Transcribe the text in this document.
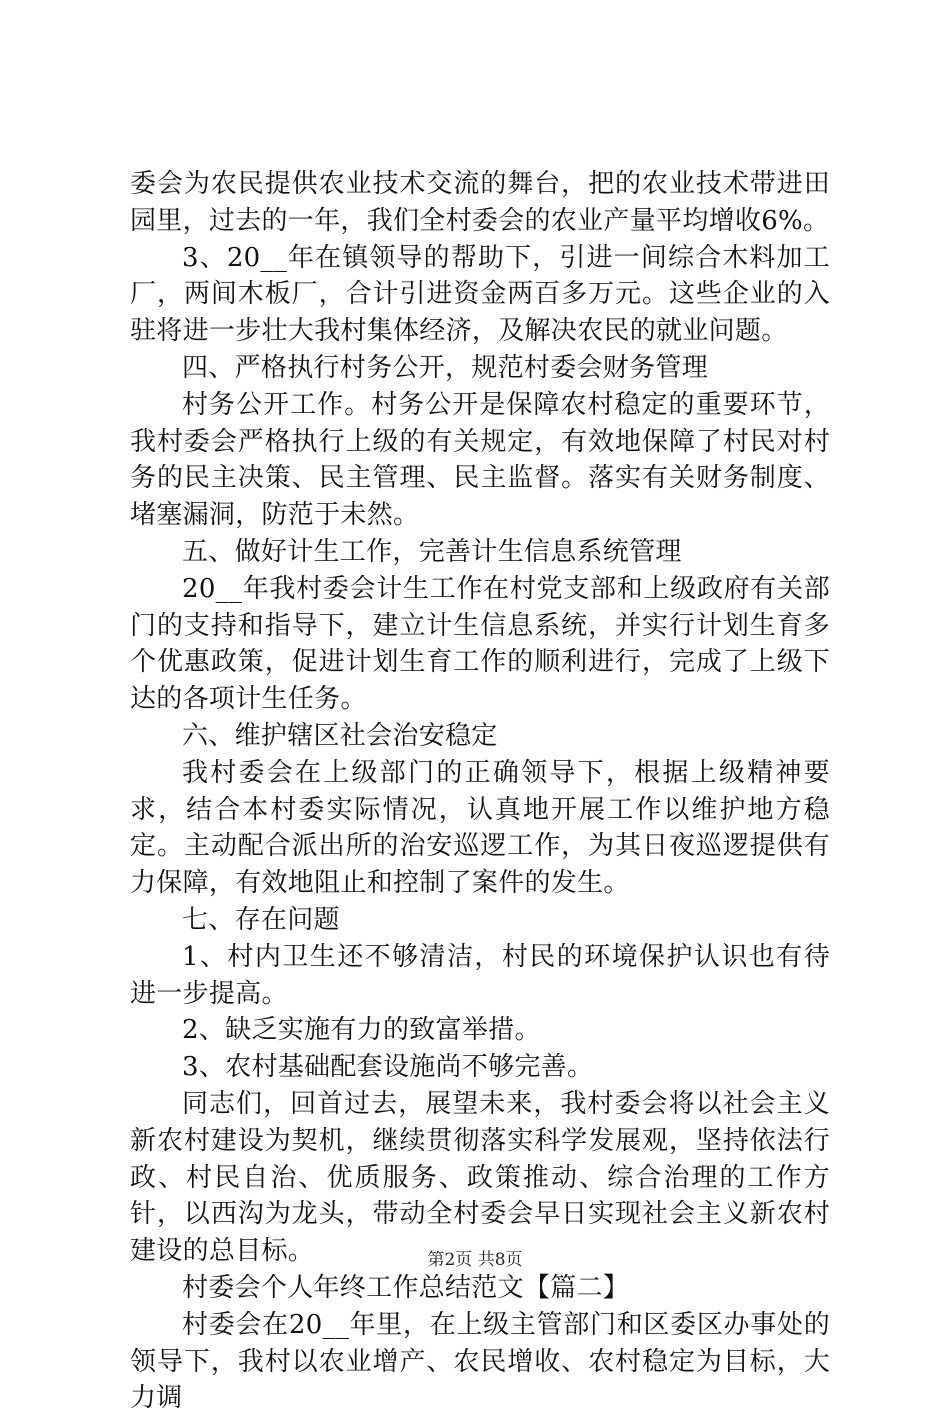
委会为农民提供农业技术交流的舞台，把的农业技术带进田园里，过去的一年，我们全村委会的农业产量平均增收6%。

3、20__年在镇领导的帮助下，引进一间综合木料加工厂，两间木板厂，合计引进资金两百多万元。这些企业的入驻将进一步壮大我村集体经济，及解决农民的就业问题。

四、严格执行村务公开，规范村委会财务管理

村务公开工作。村务公开是保障农村稳定的重要环节，我村委会严格执行上级的有关规定，有效地保障了村民对村务的民主决策、民主管理、民主监督。落实有关财务制度、堵塞漏洞，防范于未然。

五、做好计生工作，完善计生信息系统管理

20__年我村委会计生工作在村党支部和上级政府有关部门的支持和指导下，建立计生信息系统，并实行计划生育多个优惠政策，促进计划生育工作的顺利进行，完成了上级下达的各项计生任务。

六、维护辖区社会治安稳定

我村委会在上级部门的正确领导下，根据上级精神要求，结合本村委实际情况，认真地开展工作以维护地方稳定。主动配合派出所的治安巡逻工作，为其日夜巡逻提供有力保障，有效地阻止和控制了案件的发生。

七、存在问题

1、村内卫生还不够清洁，村民的环境保护认识也有待进一步提高。

2、缺乏实施有力的致富举措。

3、农村基础配套设施尚不够完善。

同志们，回首过去，展望未来，我村委会将以社会主义新农村建设为契机，继续贯彻落实科学发展观，坚持依法行政、村民自治、优质服务、政策推动、综合治理的工作方针，以西沟为龙头，带动全村委会早日实现社会主义新农村建设的总目标。

村委会个人年终工作总结范文【篇二】

村委会在20__年里，在上级主管部门和区委区办事处的领导下，我村以农业增产、农民增收、农村稳定为目标，大力调

第2页 共8页
